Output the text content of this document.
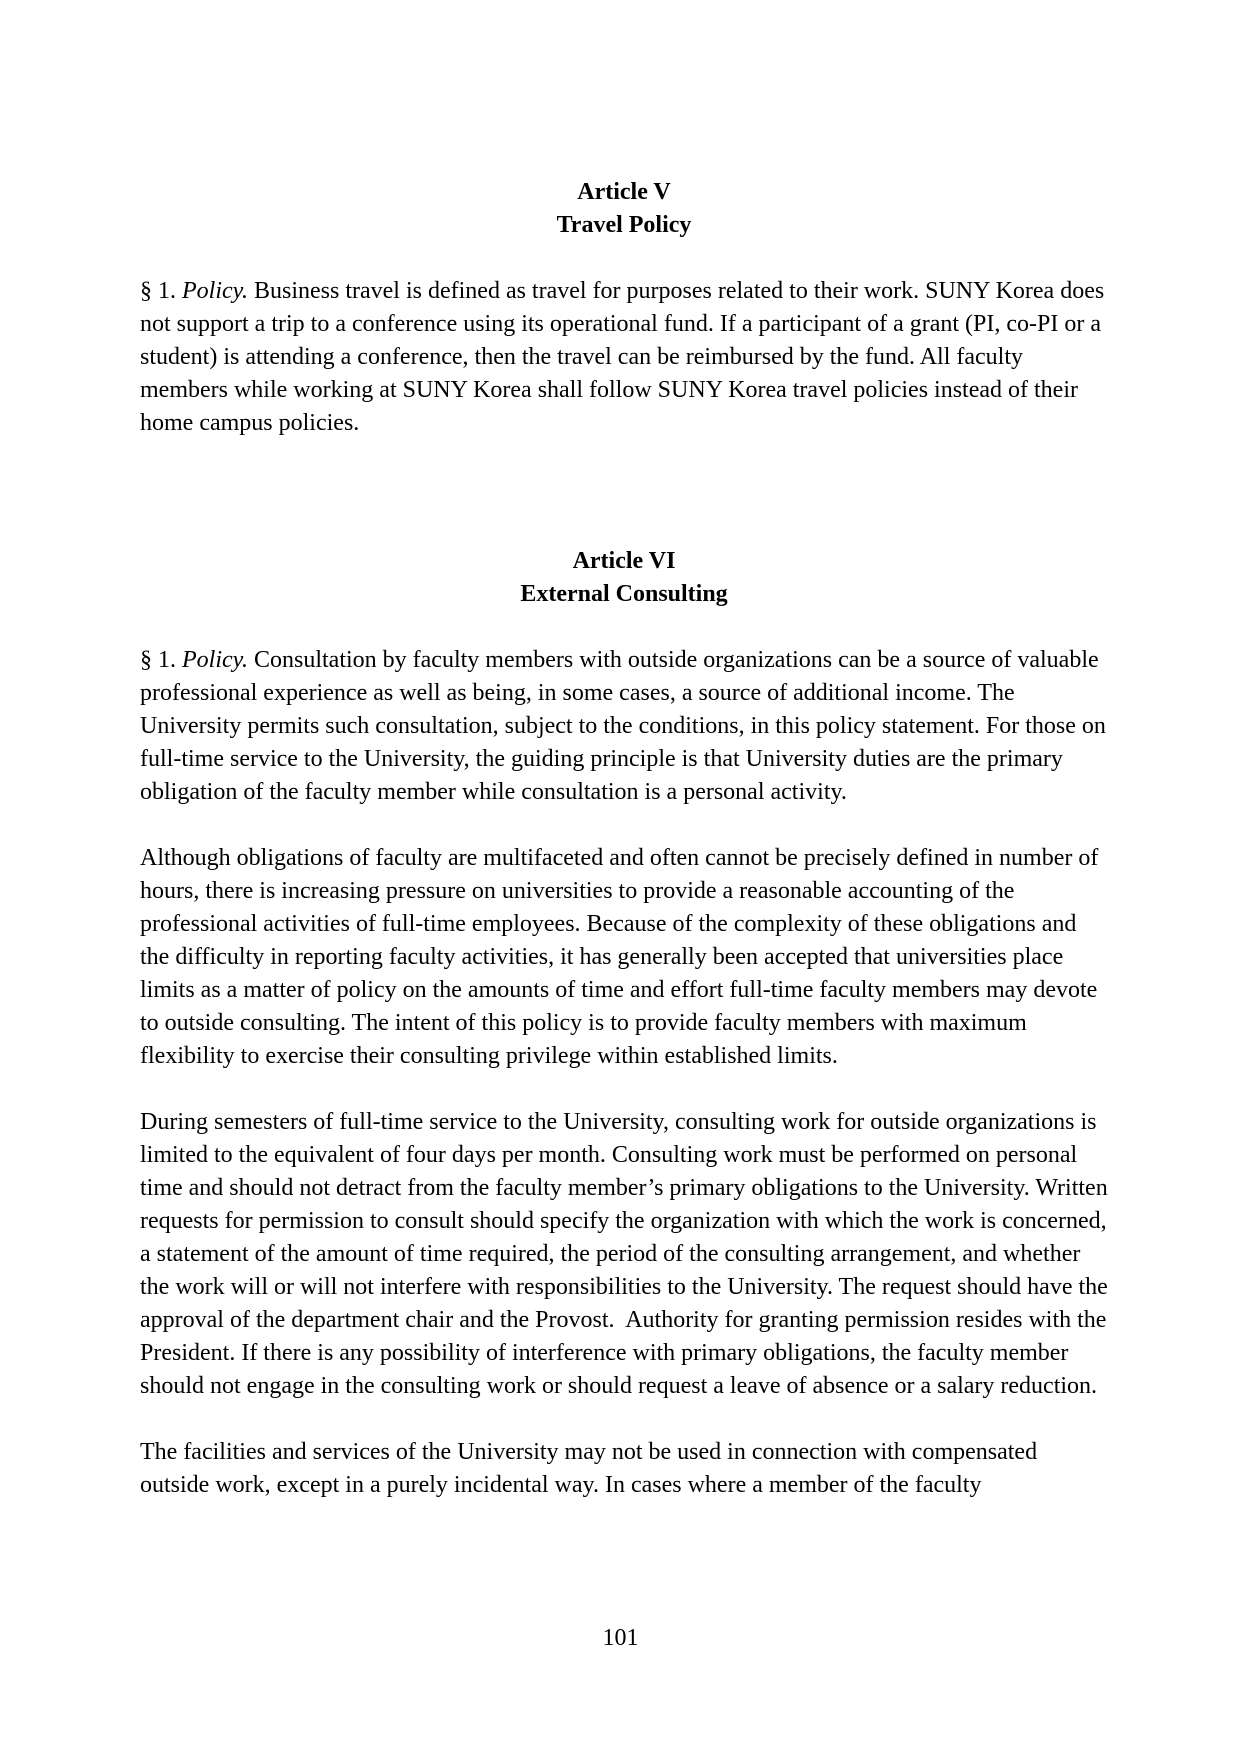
Article V
Travel Policy

§ 1. Policy. Business travel is defined as travel for purposes related to their work. SUNY Korea does not support a trip to a conference using its operational fund. If a participant of a grant (PI, co-PI or a student) is attending a conference, then the travel can be reimbursed by the fund. All faculty members while working at SUNY Korea shall follow SUNY Korea travel policies instead of their home campus policies.

Article VI
External Consulting

§ 1. Policy. Consultation by faculty members with outside organizations can be a source of valuable professional experience as well as being, in some cases, a source of additional income. The University permits such consultation, subject to the conditions, in this policy statement. For those on full-time service to the University, the guiding principle is that University duties are the primary obligation of the faculty member while consultation is a personal activity.

Although obligations of faculty are multifaceted and often cannot be precisely defined in number of hours, there is increasing pressure on universities to provide a reasonable accounting of the professional activities of full-time employees. Because of the complexity of these obligations and the difficulty in reporting faculty activities, it has generally been accepted that universities place limits as a matter of policy on the amounts of time and effort full-time faculty members may devote to outside consulting. The intent of this policy is to provide faculty members with maximum flexibility to exercise their consulting privilege within established limits.

During semesters of full-time service to the University, consulting work for outside organizations is limited to the equivalent of four days per month. Consulting work must be performed on personal time and should not detract from the faculty member’s primary obligations to the University. Written requests for permission to consult should specify the organization with which the work is concerned, a statement of the amount of time required, the period of the consulting arrangement, and whether the work will or will not interfere with responsibilities to the University. The request should have the approval of the department chair and the Provost.  Authority for granting permission resides with the President. If there is any possibility of interference with primary obligations, the faculty member should not engage in the consulting work or should request a leave of absence or a salary reduction.

The facilities and services of the University may not be used in connection with compensated outside work, except in a purely incidental way. In cases where a member of the faculty

101
